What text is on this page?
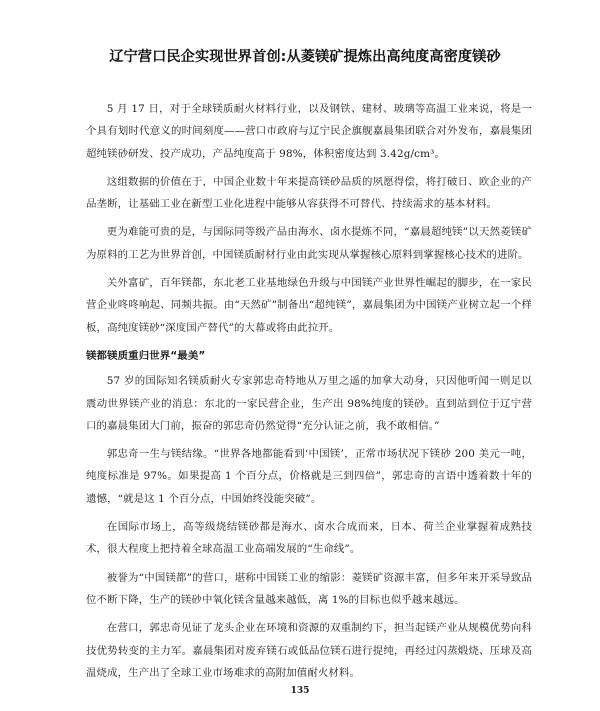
辽宁营口民企实现世界首创:从菱镁矿提炼出高纯度高密度镁砂

5 月 17 日，对于全球镁质耐火材料行业，以及钢铁、建材、玻璃等高温工业来说，将是一个具有划时代意义的时间刻度——营口市政府与辽宁民企旗舰嘉晨集团联合对外发布，嘉晨集团超纯镁砂研发、投产成功，产品纯度高于 98%，体积密度达到 3.42g/cm³。

这组数据的价值在于，中国企业数十年来提高镁砂品质的夙愿得偿，将打破日、欧企业的产品垄断，让基础工业在新型工业化进程中能够从容获得不可替代、持续需求的基本材料。

更为难能可贵的是，与国际同等级产品由海水、卤水提炼不同，“嘉晨超纯镁”以天然菱镁矿为原料的工艺为世界首创，中国镁质耐材行业由此实现从掌握核心原料到掌握核心技术的进阶。

关外富矿，百年镁都，东北老工业基地绿色升级与中国镁产业世界性崛起的脚步，在一家民营企业咚咚响起、同频共振。由“天然矿”制备出“超纯镁”，嘉晨集团为中国镁产业树立起一个样板，高纯度镁砂“深度国产替代”的大幕或将由此拉开。

镁都镁质重归世界“最美”

57 岁的国际知名镁质耐火专家郭忠奇特地从万里之遥的加拿大动身，只因他听闻一则足以震动世界镁产业的消息：东北的一家民营企业，生产出 98%纯度的镁砂。直到站到位于辽宁营口的嘉晨集团大门前，振奋的郭忠奇仍然觉得“充分认证之前，我不敢相信。”

郭忠奇一生与镁结缘。“世界各地都能看到‘中国镁’，正常市场状况下镁砂 200 美元一吨，纯度标准是 97%。如果提高 1 个百分点，价格就是三到四倍”，郭忠奇的言语中透着数十年的遗憾，“就是这 1 个百分点，中国始终没能突破”。

在国际市场上，高等级烧结镁砂都是海水、卤水合成而来，日本、荷兰企业掌握着成熟技术，很大程度上把持着全球高温工业高端发展的“生命线”。

被誉为“中国镁都”的营口，堪称中国镁工业的缩影：菱镁矿资源丰富，但多年来开采导致品位不断下降，生产的镁砂中氧化镁含量越来越低，离 1%的目标也似乎越来越远。

在营口，郭忠奇见证了龙头企业在环境和资源的双重制约下，担当起镁产业从规模优势向科技优势转变的主力军。嘉晨集团对废弃镁石或低品位镁石进行提纯，再经过闪蒸煅烧、压球及高温烧成，生产出了全球工业市场难求的高附加值耐火材料。

135
